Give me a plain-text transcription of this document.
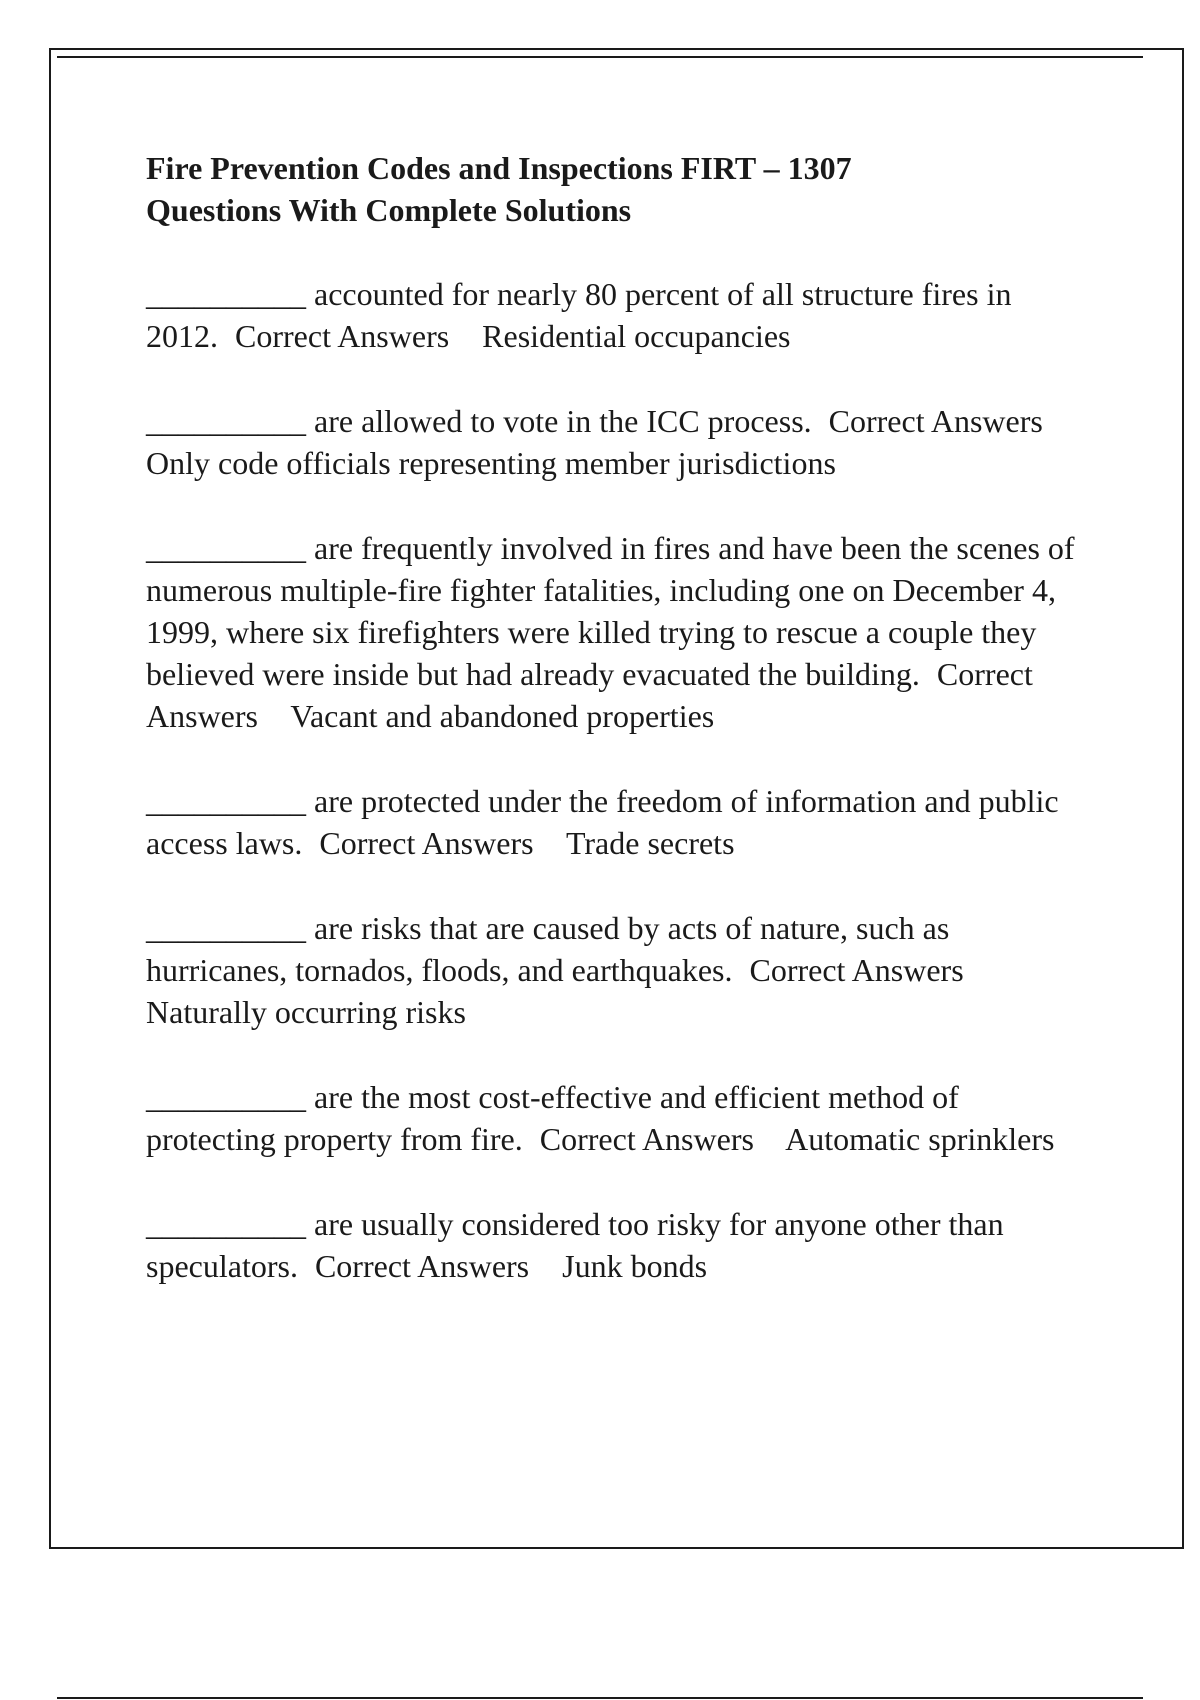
Fire Prevention Codes and Inspections FIRT – 1307
Questions With Complete Solutions
__________ accounted for nearly 80 percent of all structure fires in 2012. Correct Answers Residential occupancies
__________ are allowed to vote in the ICC process. Correct Answers Only code officials representing member jurisdictions
__________ are frequently involved in fires and have been the scenes of numerous multiple-fire fighter fatalities, including one on December 4, 1999, where six firefighters were killed trying to rescue a couple they believed were inside but had already evacuated the building. Correct Answers Vacant and abandoned properties
__________ are protected under the freedom of information and public access laws. Correct Answers Trade secrets
__________ are risks that are caused by acts of nature, such as hurricanes, tornados, floods, and earthquakes. Correct Answers Naturally occurring risks
__________ are the most cost-effective and efficient method of protecting property from fire. Correct Answers Automatic sprinklers
__________ are usually considered too risky for anyone other than speculators. Correct Answers Junk bonds
